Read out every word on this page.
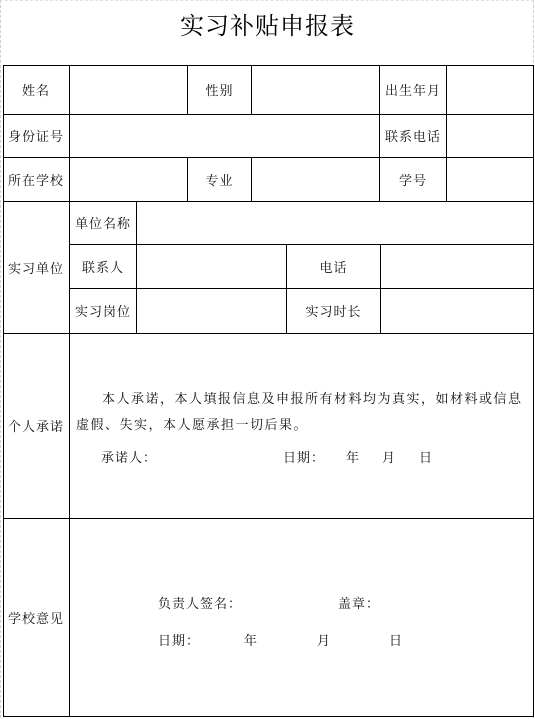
实习补贴申报表
姓名	性别	出生年月
身份证号	联系电话
所在学校	专业	学号
实习单位
单位名称
联系人	电话
实习岗位	实习时长
个人承诺
本人承诺，本人填报信息及申报所有材料均为真实，如材料或信息虚假、失实，本人愿承担一切后果。
承诺人：	日期： 年 月 日
学校意见
负责人签名：	盖章：
日期：	年	月	日
